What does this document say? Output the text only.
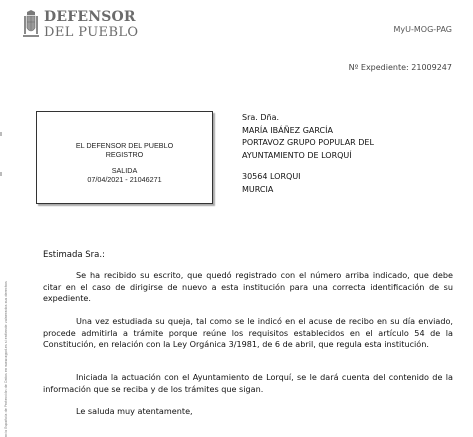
DEFENSOR
DEL PUEBLO	MyU-MOG-PAG
Nº Expediente: 21009247
EL DEFENSOR DEL PUEBLO
REGISTRO
SALIDA
07/04/2021 - 21046271
Sra. Dña.
MARÍA IBÁÑEZ GARCÍA
PORTAVOZ GRUPO POPULAR DEL
AYUNTAMIENTO DE LORQUÍ
30564 LORQUI
MURCIA
Estimada Sra.:

Se ha recibido su escrito, que quedó registrado con el número arriba indicado, que debe citar en el caso de dirigirse de nuevo a esta institución para una correcta identificación de su expediente.

Una vez estudiada su queja, tal como se le indicó en el acuse de recibo en su día enviado, procede admitirla a trámite porque reúne los requisitos establecidos en el artículo 54 de la Constitución, en relación con la Ley Orgánica 3/1981, de 6 de abril, que regula esta institución.

Iniciada la actuación con el Ayuntamiento de Lorquí, se le dará cuenta del contenido de la información que se reciba y de los trámites que sigan.

Le saluda muy atentamente,
ncia Española de Protección de Datos en www.agpd.es si entiende vulnerados sus derechos
